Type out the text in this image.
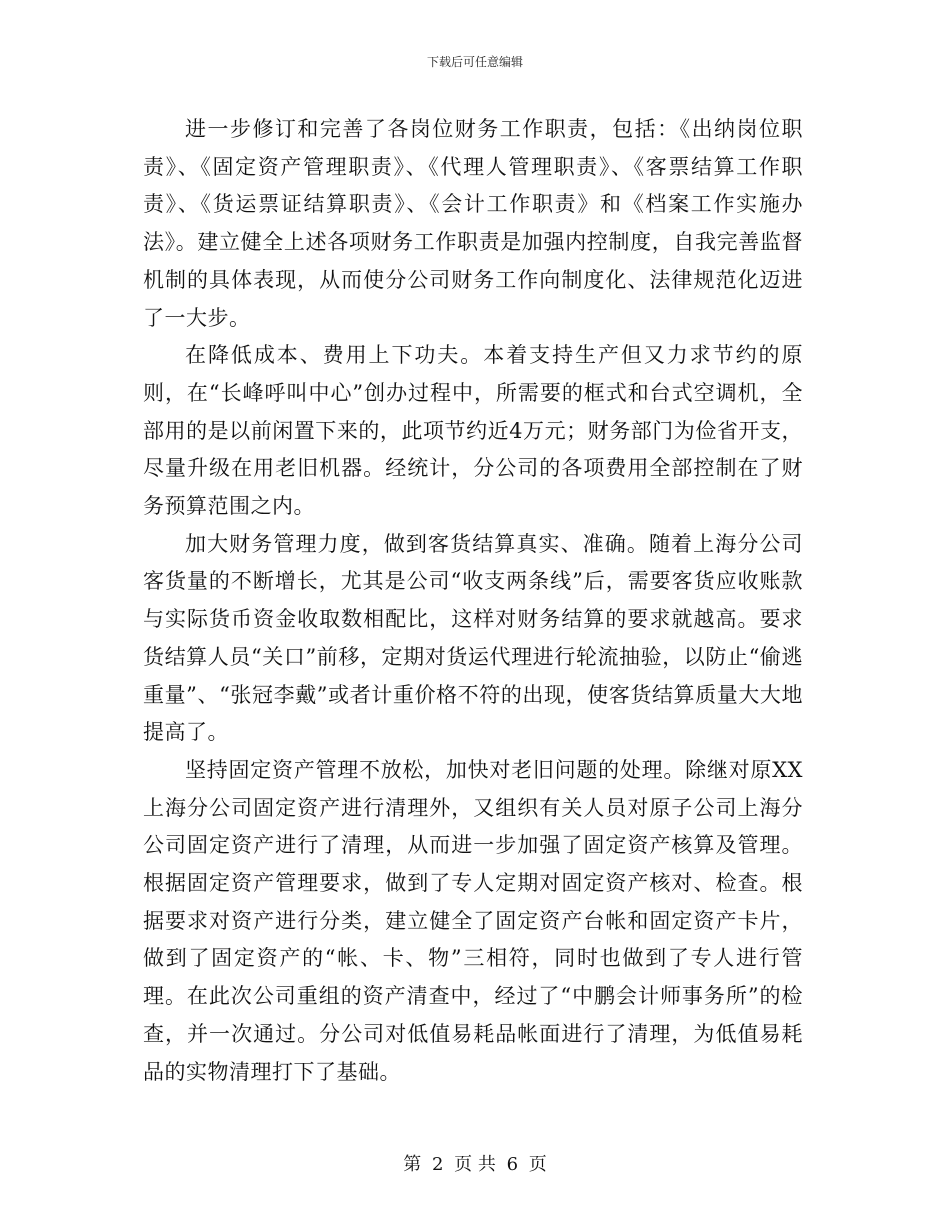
下载后可任意编辑

进一步修订和完善了各岗位财务工作职责，包括：《出纳岗位职责》、《固定资产管理职责》、《代理人管理职责》、《客票结算工作职责》、《货运票证结算职责》、《会计工作职责》和《档案工作实施办法》。建立健全上述各项财务工作职责是加强内控制度，自我完善监督机制的具体表现，从而使分公司财务工作向制度化、法律规范化迈进了一大步。

在降低成本、费用上下功夫。本着支持生产但又力求节约的原则，在“长峰呼叫中心”创办过程中，所需要的框式和台式空调机，全部用的是以前闲置下来的，此项节约近4万元；财务部门为俭省开支，尽量升级在用老旧机器。经统计，分公司的各项费用全部控制在了财务预算范围之内。

加大财务管理力度，做到客货结算真实、准确。随着上海分公司客货量的不断增长，尤其是公司“收支两条线”后，需要客货应收账款与实际货币资金收取数相配比，这样对财务结算的要求就越高。要求货结算人员“关口”前移，定期对货运代理进行轮流抽验，以防止“偷逃重量”、“张冠李戴”或者计重价格不符的出现，使客货结算质量大大地提高了。

坚持固定资产管理不放松，加快对老旧问题的处理。除继对原XX上海分公司固定资产进行清理外，又组织有关人员对原子公司上海分公司固定资产进行了清理，从而进一步加强了固定资产核算及管理。根据固定资产管理要求，做到了专人定期对固定资产核对、检查。根据要求对资产进行分类，建立健全了固定资产台帐和固定资产卡片，做到了固定资产的“帐、卡、物”三相符，同时也做到了专人进行管理。在此次公司重组的资产清查中，经过了“中鹏会计师事务所”的检查，并一次通过。分公司对低值易耗品帐面进行了清理，为低值易耗品的实物清理打下了基础。

第 2 页 共 6 页
